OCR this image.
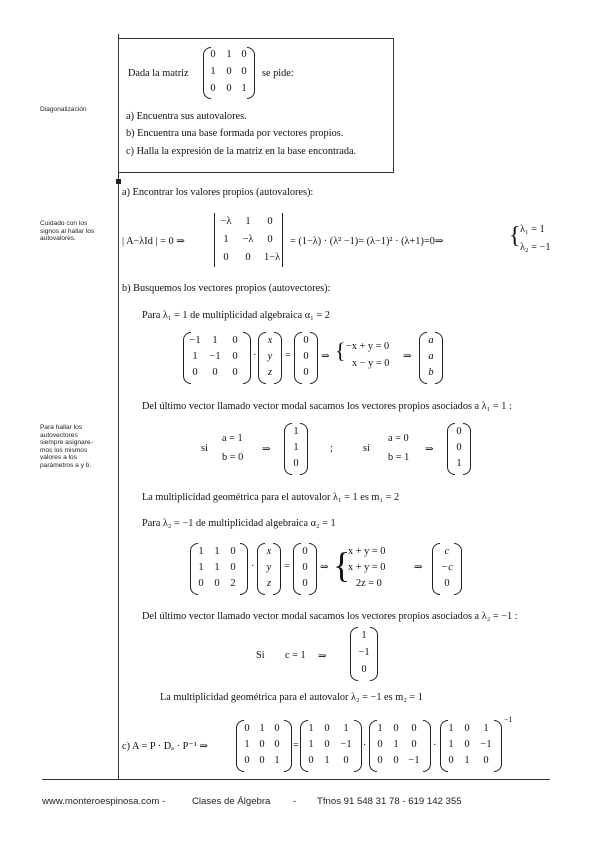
Diagonalización
Cuidado con los
signos al hallar los
autovalores.
Para hallar los
autovectores
siempre asignare-
mos los mismos
valores a los
parámetros a y b.
Dada la matriz
0	1 0
1	0 0
0	0 1
se pide:
a) Encuentra sus autovalores.
b) Encuentra una base formada por vectores propios.
c) Halla la expresión de la matriz en la base encontrada.
a) Encontrar los valores propios (autovalores):
| A−λId | = 0 ⇒
−λ	1	0
1	−λ	0
0	0	1−λ
= (1−λ) · (λ² −1)= (λ−1)² · (λ+1)=0⇒	{ λ₁ = 1
λ₂ = −1
b) Busquemos los vectores propios (autovectores):
Para λ₁ = 1 de multiplicidad algebraica α₁ = 2
−1	1	0
1	−1	0
0	0	0
·
x
y
z
=
0
0
0
⇒ { −x + y = 0
x − y = 0
⇒
a
a
b
Del último vector llamado vector modal sacamos los vectores propios asociados a λ₁ = 1 :
si
a = 1
b = 0
⇒
1
1
0
;	si
a = 0
b = 1
⇒
0
0
1
La multiplicidad geométrica para el autovalor λ₁ = 1 es m₁ = 2
Para λ₂ = −1 de multiplicidad algebraica α₂ = 1
1	1	0
1	1	0
0	0	2
·
x
y
z
=
0
0
0
⇒ {
x + y = 0
x + y = 0
2z = 0
⇒
c
−c
0
Del último vector llamado vector modal sacamos los vectores propios asociados a λ₂ = −1 :
Si c = 1 ⇒
1
−1
0
La multiplicidad geométrica para el autovalor λ₂ = −1 es m₂ = 1
c) A = P · Dₐ · P⁻¹ ⇒
0 1 0
1 0 0
0 0 1
=
1	0	1
1	0	−1
0	1	0
·
1	0	0
0	1	0
0	0 −1
·
1	0	1
1	0	−1
0	1	0
−1
www.monteroespinosa.com -	Clases de Álgebra - Tfnos 91 548 31 78 - 619 142 355
